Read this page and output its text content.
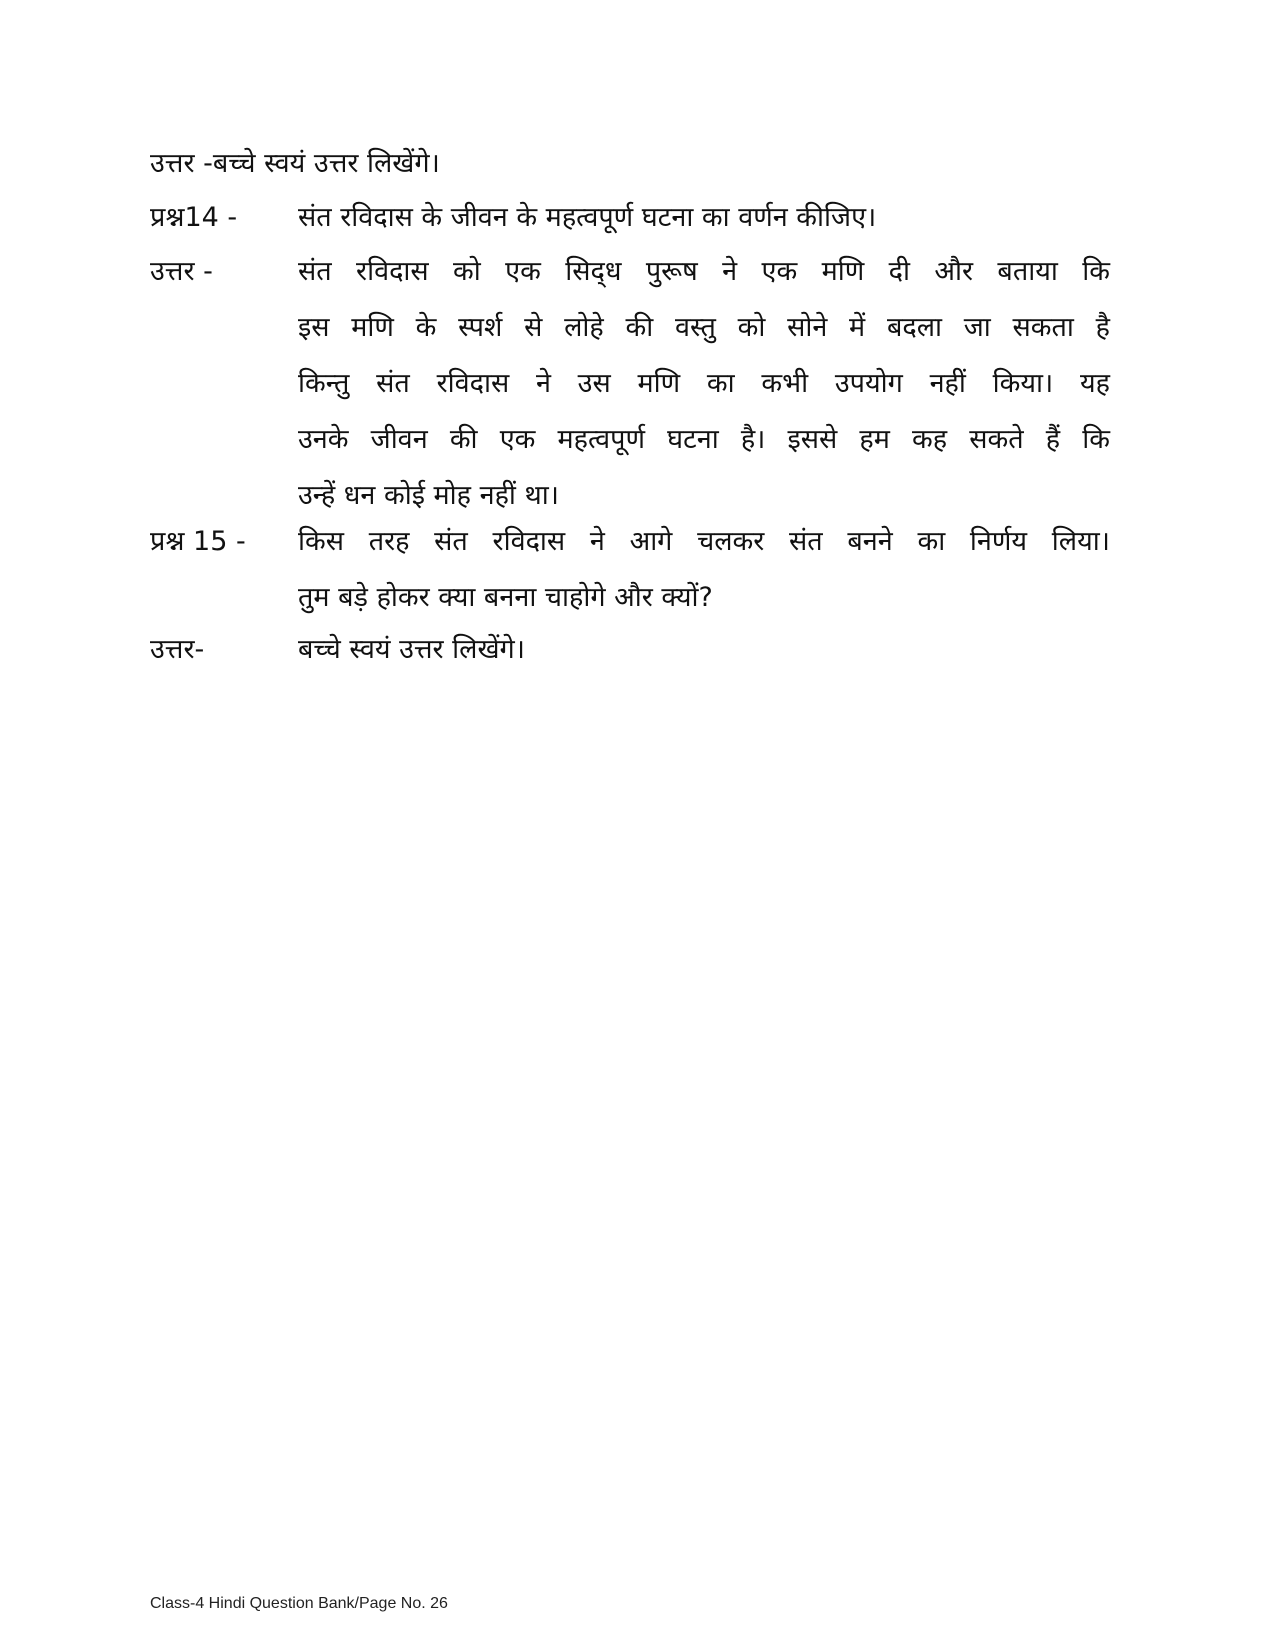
उत्तर -बच्चे स्वयं उत्तर लिखेंगे।
प्रश्न14 -	संत रविदास के जीवन के महत्वपूर्ण घटना का वर्णन कीजिए।
उत्तर -	संत रविदास को एक सिद्‌ध पुरूष ने एक मणि दी और बताया कि
इस मणि के स्पर्श से लोहे की वस्तु को सोने में बदला जा सकता है
किन्तु संत रविदास ने उस मणि का कभी उपयोग नहीं किया। यह
उनके जीवन की एक महत्वपूर्ण घटना है। इससे हम कह सकते हैं कि
उन्हें धन कोई मोह नहीं था।
प्रश्न 15 -	किस तरह संत रविदास ने आगे चलकर संत बनने का निर्णय लिया।
तुम बड़े होकर क्या बनना चाहोगे और क्यों?
उत्तर-	बच्चे स्वयं उत्तर लिखेंगे।
Class-4 Hindi Question Bank/Page No. 26
